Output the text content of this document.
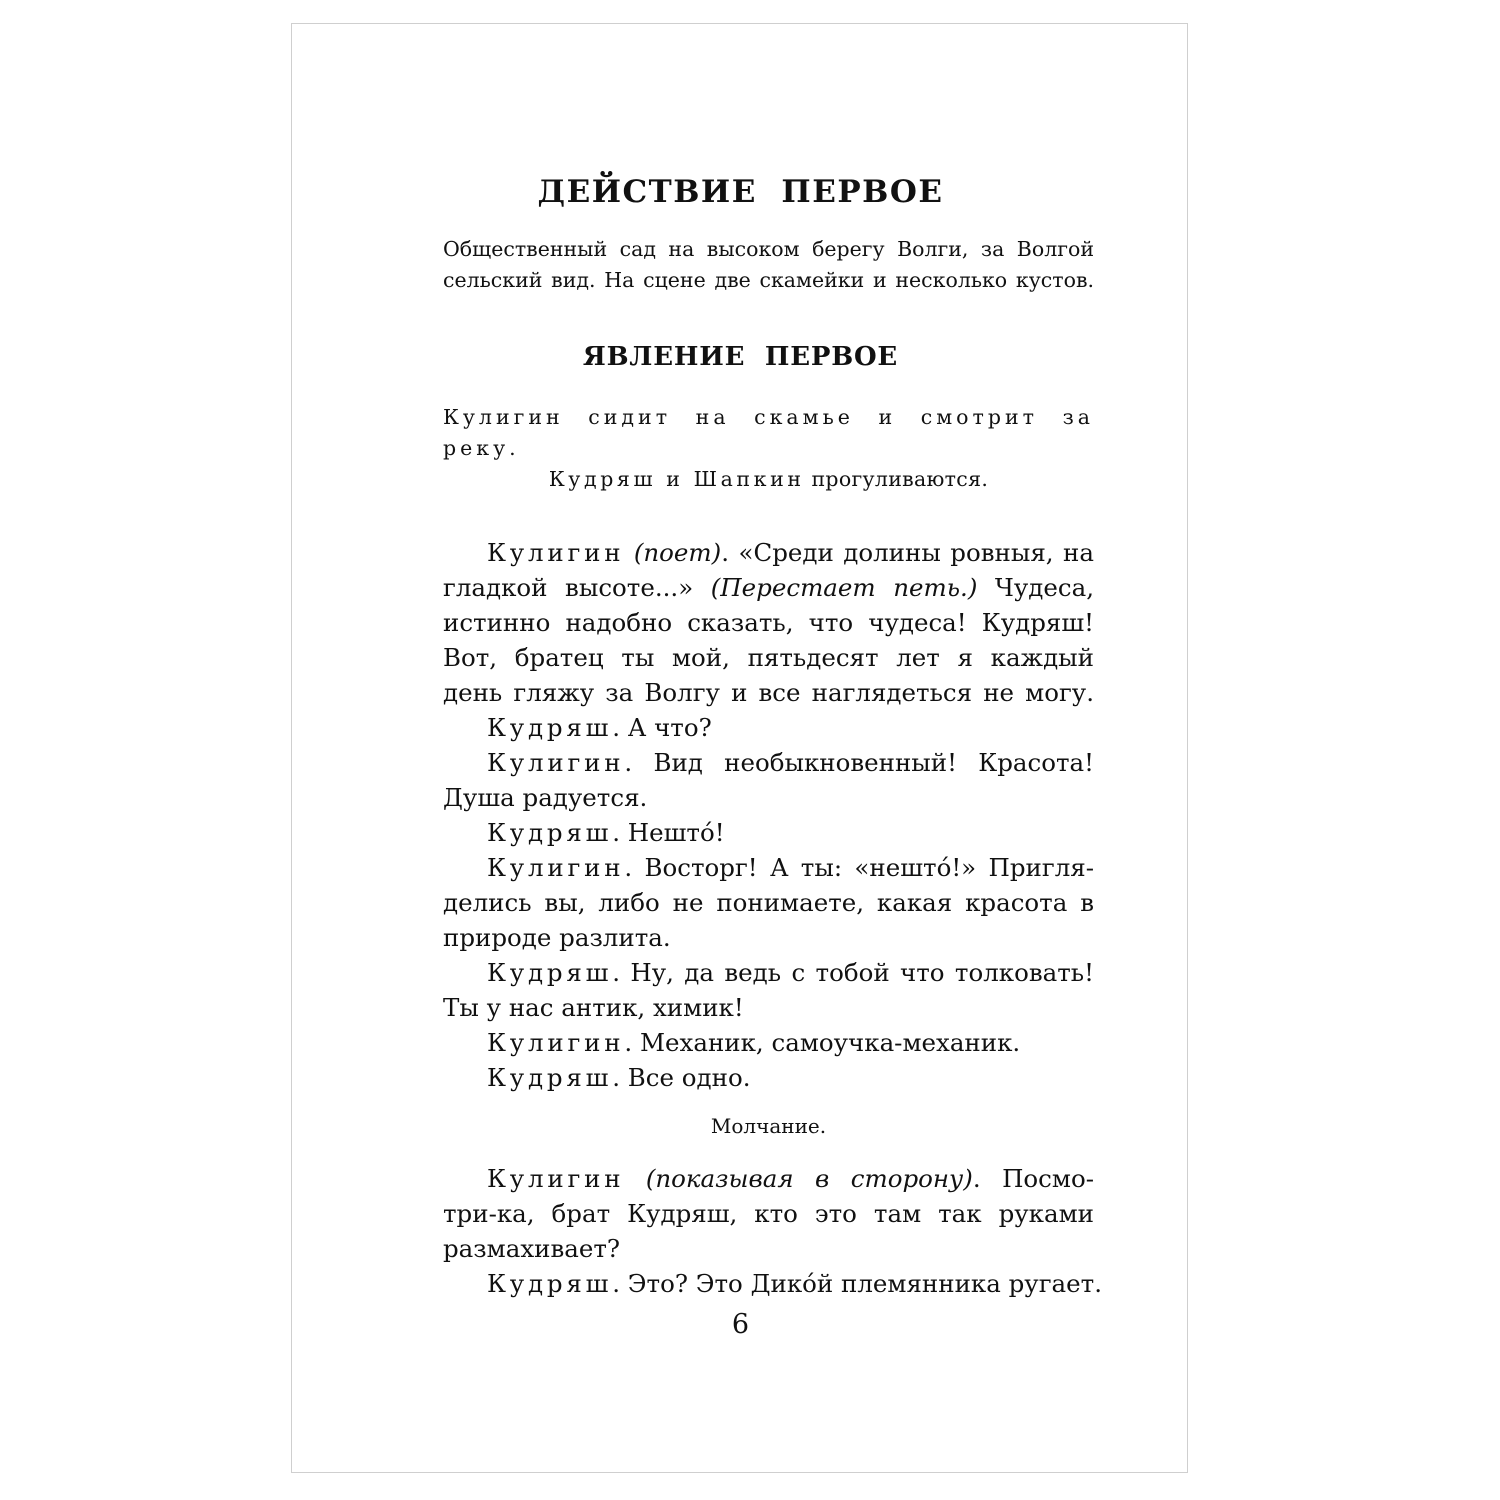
ДЕЙСТВИЕ  ПЕРВОЕ
Общественный сад на высоком берегу Волги, за Волгой
сельский вид. На сцене две скамейки и несколько кустов.
ЯВЛЕНИЕ  ПЕРВОЕ
Кулигин сидит на скамье и смотрит за реку.
Кудряш и Шапкин прогуливаются.
Кулигин (поет). «Среди долины ровныя, на
гладкой высоте...» (Перестает петь.) Чудеса,
истинно надобно сказать, что чудеса! Кудряш!
Вот, братец ты мой, пятьдесят лет я каждый
день гляжу за Волгу и все наглядеться не могу.
Кудряш. А что?
Кулигин. Вид необыкновенный! Красота!
Душа радуется.
Кудряш. Нештó!
Кулигин. Восторг! А ты: «нештó!» Пригля-
делись вы, либо не понимаете, какая красота в
природе разлита.
Кудряш. Ну, да ведь с тобой что толковать!
Ты у нас антик, химик!
Кулигин. Механик, самоучка-механик.
Кудряш. Все одно.
Молчание.
Кулигин (показывая в сторону). Посмо-
три-ка, брат Кудряш, кто это там так руками
размахивает?
Кудряш. Это? Это Дикóй племянника ругает.
6
